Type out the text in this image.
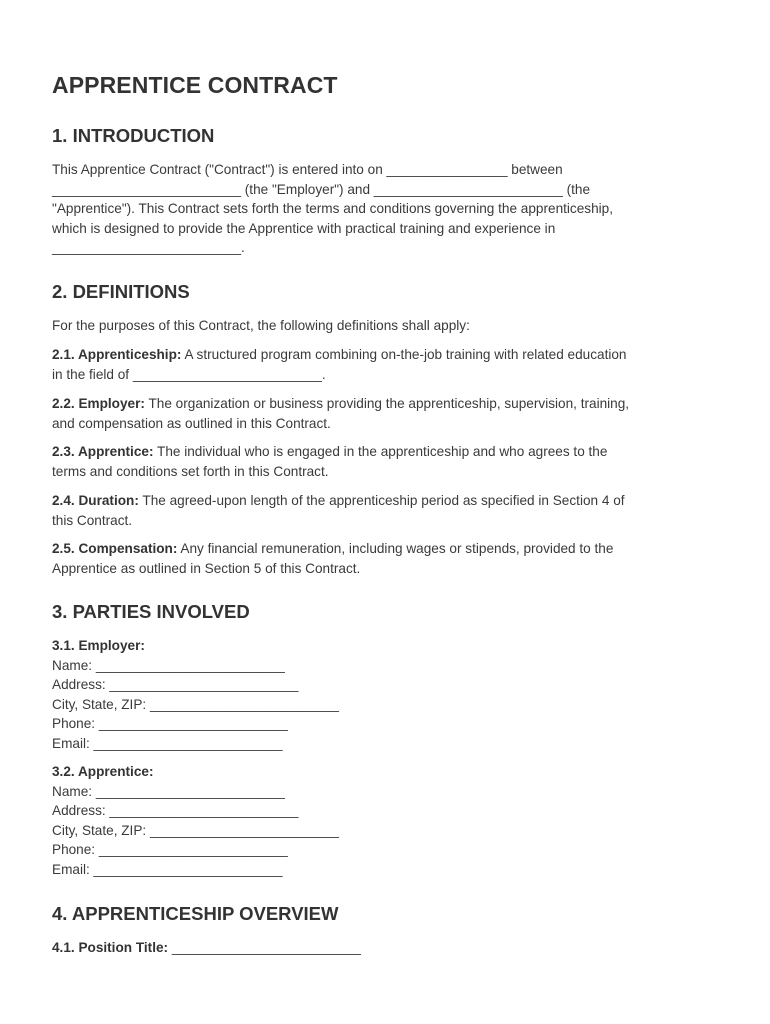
APPRENTICE CONTRACT
1. INTRODUCTION

This Apprentice Contract ("Contract") is entered into on ________________ between
_________________________ (the "Employer") and _________________________ (the
"Apprentice"). This Contract sets forth the terms and conditions governing the apprenticeship,
which is designed to provide the Apprentice with practical training and experience in
_________________________.

2. DEFINITIONS

For the purposes of this Contract, the following definitions shall apply:

2.1. Apprenticeship: A structured program combining on-the-job training with related education
in the field of _________________________.

2.2. Employer: The organization or business providing the apprenticeship, supervision, training,
and compensation as outlined in this Contract.

2.3. Apprentice: The individual who is engaged in the apprenticeship and who agrees to the
terms and conditions set forth in this Contract.

2.4. Duration: The agreed-upon length of the apprenticeship period as specified in Section 4 of
this Contract.

2.5. Compensation: Any financial remuneration, including wages or stipends, provided to the
Apprentice as outlined in Section 5 of this Contract.

3. PARTIES INVOLVED

3.1. Employer:
Name: _________________________
Address: _________________________
City, State, ZIP: _________________________
Phone: _________________________
Email: _________________________

3.2. Apprentice:
Name: _________________________
Address: _________________________
City, State, ZIP: _________________________
Phone: _________________________
Email: _________________________

4. APPRENTICESHIP OVERVIEW

4.1. Position Title: _________________________
